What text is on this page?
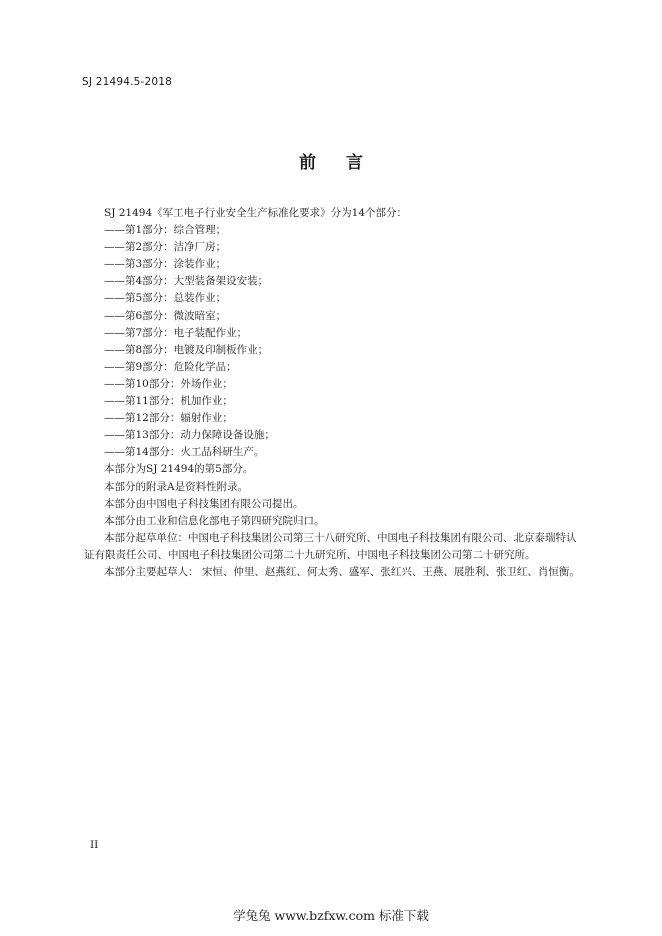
SJ 21494.5-2018
前言
SJ 21494《军工电子行业安全生产标准化要求》分为14个部分：
——第1部分：综合管理；
——第2部分：洁净厂房；
——第3部分：涂装作业；
——第4部分：大型装备架设安装；
——第5部分：总装作业；
——第6部分：微波暗室；
——第7部分：电子装配作业；
——第8部分：电镀及印制板作业；
——第9部分：危险化学品；
——第10部分：外场作业；
——第11部分：机加作业；
——第12部分：辐射作业；
——第13部分：动力保障设备设施；
——第14部分：火工品科研生产。
本部分为SJ 21494的第5部分。
本部分的附录A是资料性附录。
本部分由中国电子科技集团有限公司提出。
本部分由工业和信息化部电子第四研究院归口。
本部分起草单位：中国电子科技集团公司第三十八研究所、中国电子科技集团有限公司、北京泰瑞特认证有限责任公司、中国电子科技集团公司第二十九研究所、中国电子科技集团公司第二十研究所。
本部分主要起草人： 宋恒、仲里、赵燕红、何太秀、盛军、张红兴、王燕、展胜利、张卫红、肖恒衡。
II
学兔兔 www.bzfxw.com 标准下载
